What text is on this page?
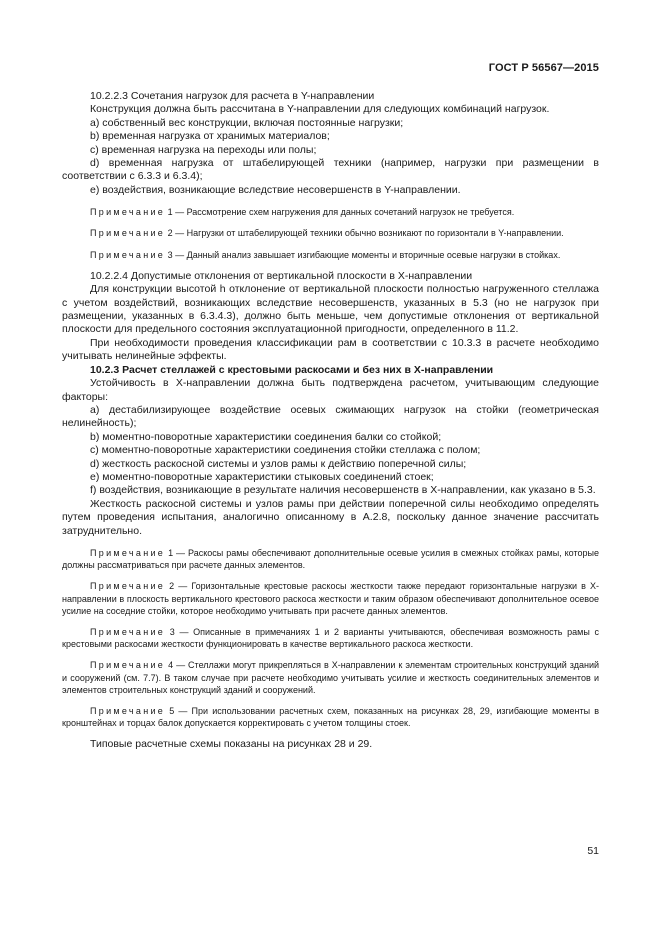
ГОСТ Р 56567—2015

10.2.2.3 Сочетания нагрузок для расчета в Y-направлении

Конструкция должна быть рассчитана в Y-направлении для следующих комбинаций нагрузок.

a) собственный вес конструкции, включая постоянные нагрузки;

b) временная нагрузка от хранимых материалов;

c) временная нагрузка на переходы или полы;

d) временная нагрузка от штабелирующей техники (например, нагрузки при размещении в соответствии с 6.3.3 и 6.3.4);

e) воздействия, возникающие вследствие несовершенств в Y-направлении.

Примечание 1 — Рассмотрение схем нагружения для данных сочетаний нагрузок не требуется.

Примечание 2 — Нагрузки от штабелирующей техники обычно возникают по горизонтали в Y-направлении.

Примечание 3 — Данный анализ завышает изгибающие моменты и вторичные осевые нагрузки в стойках.

10.2.2.4 Допустимые отклонения от вертикальной плоскости в X-направлении

Для конструкции высотой h отклонение от вертикальной плоскости полностью нагруженного стеллажа с учетом воздействий, возникающих вследствие несовершенств, указанных в 5.3 (но не нагрузок при размещении, указанных в 6.3.4.3), должно быть меньше, чем допустимые отклонения от вертикальной плоскости для предельного состояния эксплуатационной пригодности, определенного в 11.2.

При необходимости проведения классификации рам в соответствии с 10.3.3 в расчете необходимо учитывать нелинейные эффекты.

10.2.3 Расчет стеллажей с крестовыми раскосами и без них в X-направлении

Устойчивость в X-направлении должна быть подтверждена расчетом, учитывающим следующие факторы:

a) дестабилизирующее воздействие осевых сжимающих нагрузок на стойки (геометрическая нелинейность);

b) моментно-поворотные характеристики соединения балки со стойкой;

c) моментно-поворотные характеристики соединения стойки стеллажа с полом;

d) жесткость раскосной системы и узлов рамы к действию поперечной силы;

e) моментно-поворотные характеристики стыковых соединений стоек;

f) воздействия, возникающие в результате наличия несовершенств в X-направлении, как указано в 5.3.

Жесткость раскосной системы и узлов рамы при действии поперечной силы необходимо определять путем проведения испытания, аналогично описанному в А.2.8, поскольку данное значение рассчитать затруднительно.

Примечание 1 — Раскосы рамы обеспечивают дополнительные осевые усилия в смежных стойках рамы, которые должны рассматриваться при расчете данных элементов.

Примечание 2 — Горизонтальные крестовые раскосы жесткости также передают горизонтальные нагрузки в X-направлении в плоскость вертикального крестового раскоса жесткости и таким образом обеспечивают дополнительное осевое усилие на соседние стойки, которое необходимо учитывать при расчете данных элементов.

Примечание 3 — Описанные в примечаниях 1 и 2 варианты учитываются, обеспечивая возможность рамы с крестовыми раскосами жесткости функционировать в качестве вертикального раскоса жесткости.

Примечание 4 — Стеллажи могут прикрепляться в X-направлении к элементам строительных конструкций зданий и сооружений (см. 7.7). В таком случае при расчете необходимо учитывать усилие и жесткость соединительных элементов и элементов строительных конструкций зданий и сооружений.

Примечание 5 — При использовании расчетных схем, показанных на рисунках 28, 29, изгибающие моменты в кронштейнах и торцах балок допускается корректировать с учетом толщины стоек.

Типовые расчетные схемы показаны на рисунках 28 и 29.

51
